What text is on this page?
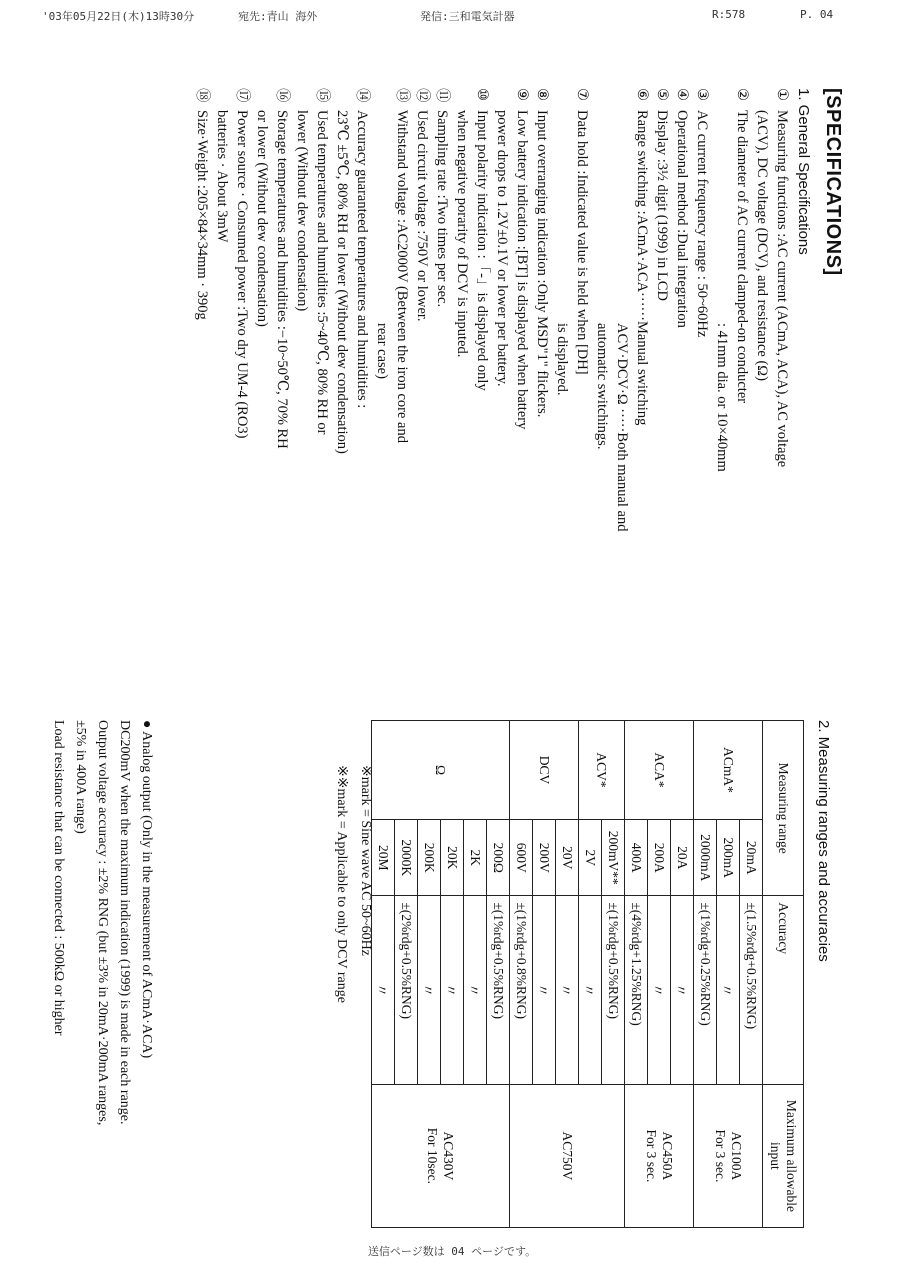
'03年05月22日(木)13時30分	宛先:青山 海外	発信:三和電気計器	R:578	P. 04
[SPECIFICATIONS]
1. General Specifications
①
Measuring functions :
AC current (ACmA, ACA), AC voltage
(ACV), DC voltage (DCV), and resistance (Ω)
②
The diameter of AC current clamped-on conducter
: 41mm dia. or 10×40mm
③
AC current frequency range : 50~60Hz
④
Operational method :
Dual integration
⑤
Display :
3½ digit (1999) in LCD
⑥
Range switching :
ACmA·ACA······Manual switching
ACV·DCV·Ω ·····Both manual and
automatic switchings.
⑦
Data hold :
Indicated value is held when [DH]
is displayed.
⑧
Input overranging indication :
Only MSD"1" flickers.
⑨
Low battery indication :
[BT] is displayed when battery
power drops to 1.2V±0.1V or lower per battery.
⑩
Input polarity indication :
「-」is displayed only
when negative porarity of DCV is inputed.
⑪
Sampling rate :
Two times per sec.
⑫
Used circuit voltage :
750V or lower.
⑬
Withstand voltage :
AC2000V (Between the iron core and
rear case)
⑭
Accuracy guaranteed temperatures and humidities :
23℃ ±5℃, 80% RH or lower (Without dew condensation)
⑮
Used temperatures and humidities :
5~40℃, 80% RH or
lower (Without dew condensation)
⑯
Storage temperatures and humidities :
−10~50℃, 70% RH
or lower (Without dew condensation)
⑰
Power source · Consumed power :
Two dry UM-4 (RO3)
batteries · About 3mW
⑱
Size·Weight :
205×84×34mm · 390g
2. Measuring ranges and accuracies
Measuring range		Accuracy	Maximum allowable input
ACmA*	20mA	±(1.5%rdg+0.5%RNG)	AC100A
For 3 sec.
	200mA	〃	
	2000mA	±(1%rdg+0.25%RNG)	
ACA*	20A	〃	AC450A
For 3 sec.
	200A	〃	
	400A	±(4%rdg+1.25%RNG)	
ACV*	200mV**	±(1%rdg+0.5%RNG)	AC750V
	2V	〃	
DCV	20V	〃	
	200V	〃	
	600V	±(1%rdg+0.8%RNG)	
Ω	200Ω	±(1%rdg+0.5%RNG)	AC430V
For 10sec.
	2K	〃	
	20K	〃	
	200K	〃	
	2000K	±(2%rdg+0.5%RNG)	
	20M	〃	
※mark = Sine wave AC 50~60Hz
※※mark = Applicable to only DCV range
● Analog output (Only in the measurement of ACmA·ACA)
DC200mV when the maximum indication (1999) is made in each range.
Output voltage accuracy : ±2% RNG (but ±3% in 20mA·200mA ranges,
±5% in 400A range)
Load resistance that can be connected : 500kΩ or higher
送信ページ数は 04 ページです。
